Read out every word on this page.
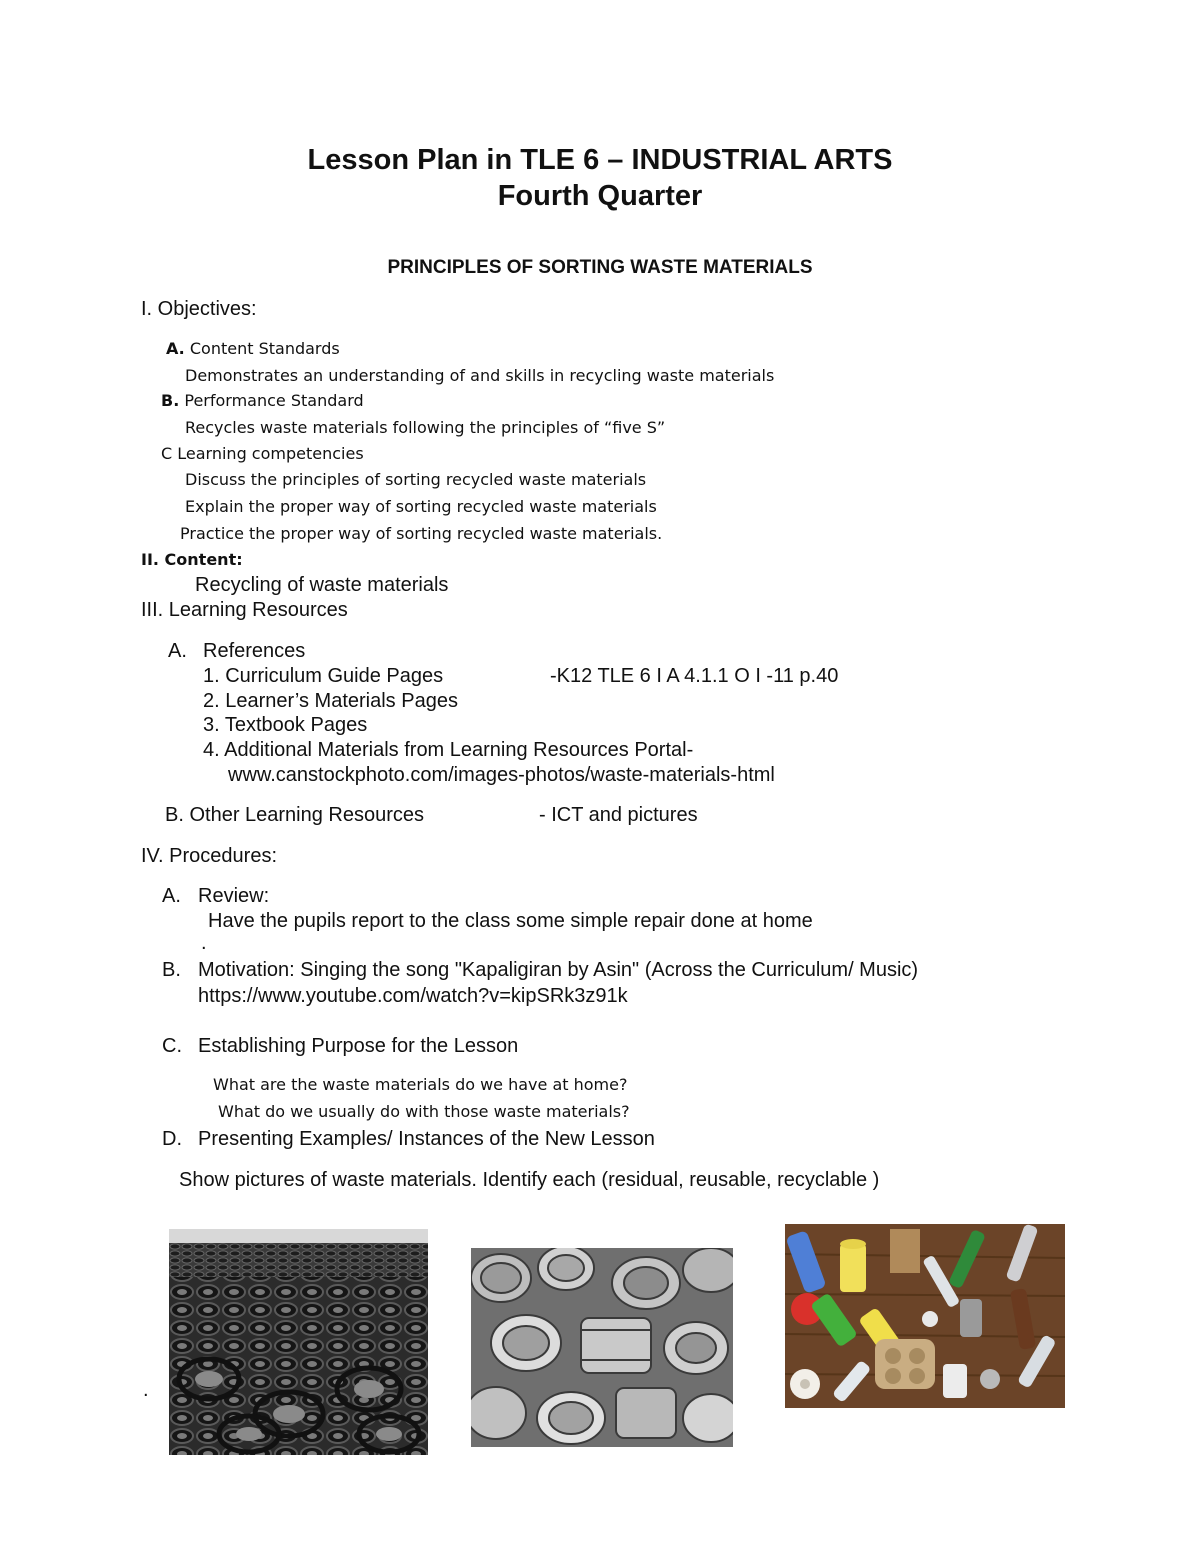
Lesson Plan in TLE 6 – INDUSTRIAL ARTS
Fourth Quarter
PRINCIPLES OF SORTING WASTE MATERIALS
I. Objectives:
A. Content Standards
Demonstrates an understanding of and skills in recycling waste materials
B. Performance Standard
Recycles waste materials following the principles of “five S”
C Learning competencies
Discuss the principles of sorting recycled waste materials
Explain the proper way of sorting recycled waste materials
Practice the proper way of sorting recycled waste materials.
II. Content:
Recycling of waste materials
III. Learning Resources
A. References
1. Curriculum Guide Pages	-K12 TLE 6 I A 4.1.1 O I -11 p.40
2. Learner’s Materials Pages
3. Textbook Pages
4. Additional Materials from Learning Resources Portal-
www.canstockphoto.com/images-photos/waste-materials-html
B. Other Learning Resources	- ICT and pictures
IV. Procedures:
A. Review:
Have the pupils report to the class some simple repair done at home
.
B. Motivation: Singing the song "Kapaligiran by Asin" (Across the Curriculum/ Music)
https://www.youtube.com/watch?v=kipSRk3z91k
C. Establishing Purpose for the Lesson
What are the waste materials do we have at home?
What do we usually do with those waste materials?
D. Presenting Examples/ Instances of the New Lesson
Show pictures of waste materials. Identify each (residual, reusable, recyclable )
.
